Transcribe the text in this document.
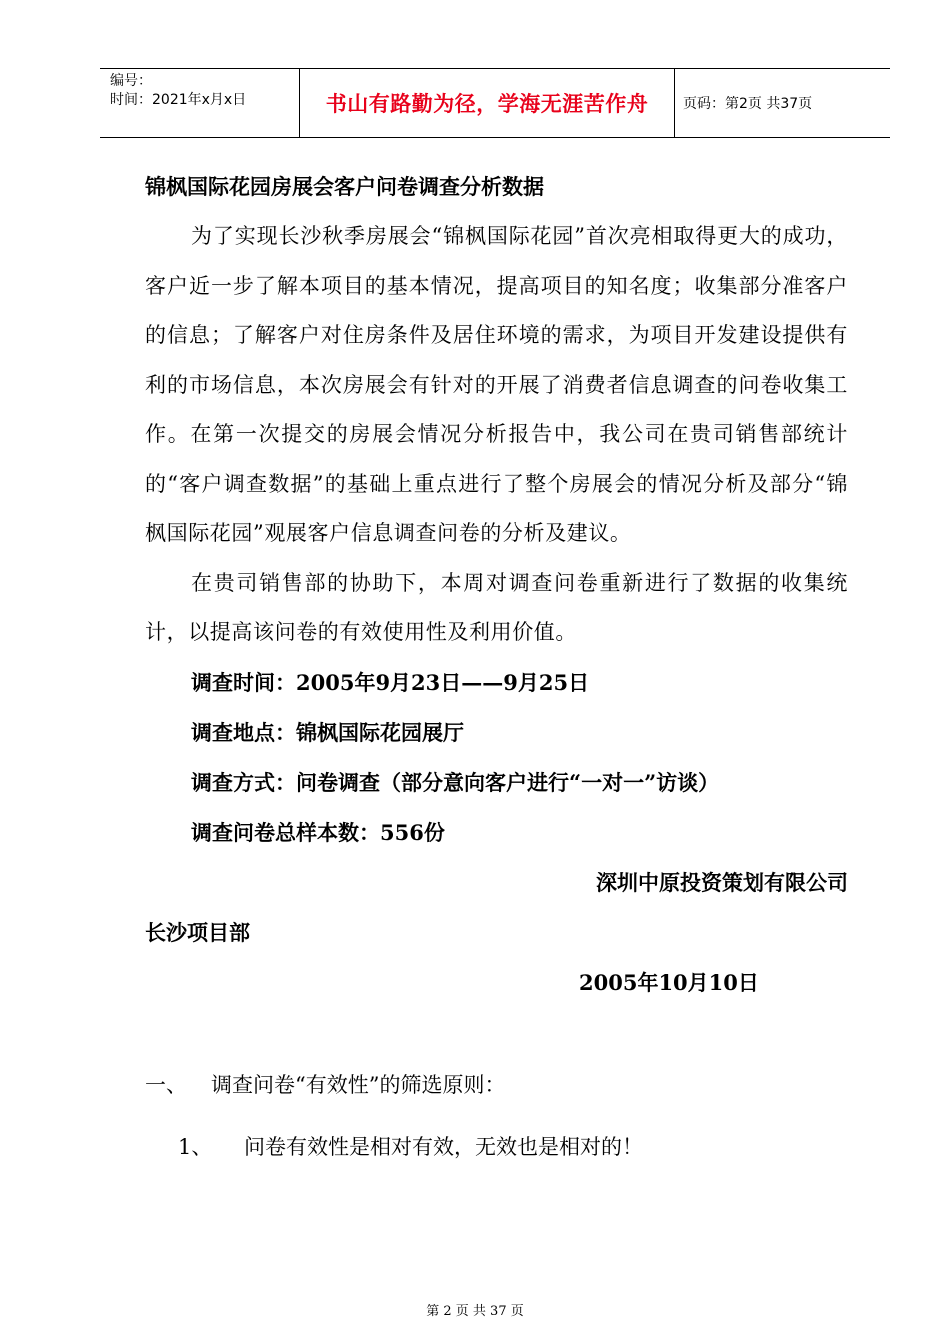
编号：
时间：2021年x月x日	书山有路勤为径，学海无涯苦作舟	页码：第2页 共37页

锦枫国际花园房展会客户问卷调查分析数据

为了实现长沙秋季房展会“锦枫国际花园”首次亮相取得更大的成功，客户近一步了解本项目的基本情况，提高项目的知名度；收集部分准客户的信息；了解客户对住房条件及居住环境的需求，为项目开发建设提供有利的市场信息，本次房展会有针对的开展了消费者信息调查的问卷收集工作。在第一次提交的房展会情况分析报告中，我公司在贵司销售部统计的“客户调查数据”的基础上重点进行了整个房展会的情况分析及部分“锦枫国际花园”观展客户信息调查问卷的分析及建议。

在贵司销售部的协助下，本周对调查问卷重新进行了数据的收集统计，以提高该问卷的有效使用性及利用价值。

调查时间：2005年9月23日——9月25日

调查地点：锦枫国际花园展厅

调查方式：问卷调查（部分意向客户进行“一对一”访谈）

调查问卷总样本数：556份

深圳中原投资策划有限公司

长沙项目部

2005年10月10日

一、	调查问卷“有效性”的筛选原则：
1、	问卷有效性是相对有效，无效也是相对的！
第 2 页 共 37 页
